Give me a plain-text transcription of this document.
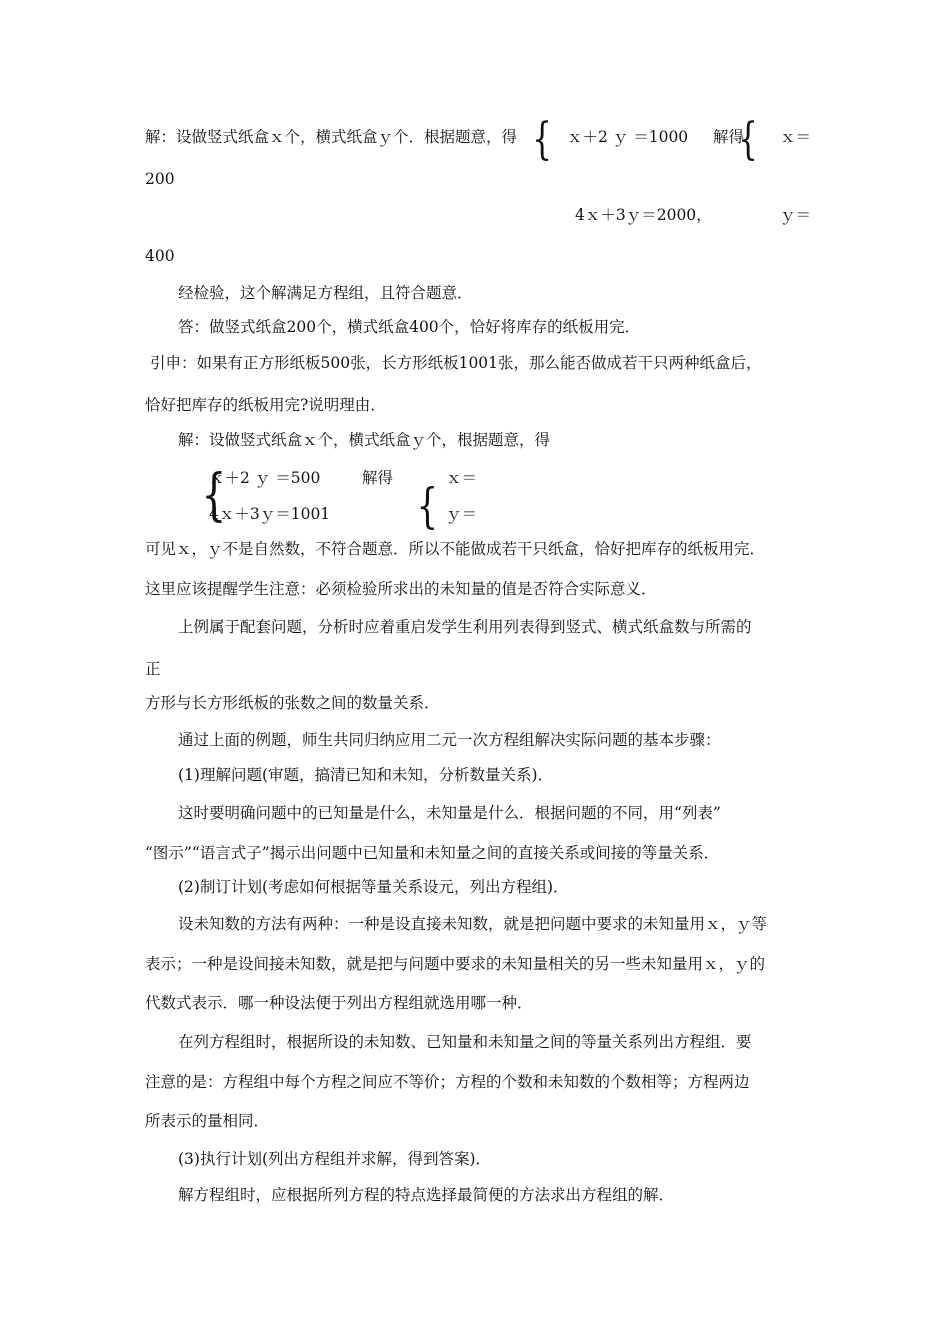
解：设做竖式纸盒ｘ个，横式纸盒ｙ个．根据题意，得 { ｘ＋2 ｙ ＝1000 解得
{ ｘ＝
200
4ｘ＋3ｙ＝2000，	ｙ＝
400
经检验，这个解满足方程组，且符合题意．
答：做竖式纸盒200个，横式纸盒400个，恰好将库存的纸板用完．
引申：如果有正方形纸板500张，长方形纸板1001张，那么能否做成若干只两种纸盒后，
恰好把库存的纸板用完?说明理由．
解：设做竖式纸盒ｘ个，横式纸盒ｙ个，根据题意，得
{
ｘ＋2 ｙ ＝500	解得	ｘ＝
4ｘ＋3ｙ＝1001 { ｙ＝
可见ｘ，ｙ不是自然数，不符合题意．所以不能做成若干只纸盒，恰好把库存的纸板用完．
这里应该提醒学生注意：必须检验所求出的未知量的值是否符合实际意义．
上例属于配套问题，分析时应着重启发学生利用列表得到竖式、横式纸盒数与所需的
正
方形与长方形纸板的张数之间的数量关系．
通过上面的例题，师生共同归纳应用二元一次方程组解决实际问题的基本步骤：
(1)理解问题(审题，搞清已知和未知，分析数量关系)．
这时要明确问题中的已知量是什么，未知量是什么．根据问题的不同，用“列表”
“图示”“语言式子”揭示出问题中已知量和未知量之间的直接关系或间接的等量关系．
(2)制订计划(考虑如何根据等量关系设元，列出方程组)．
设未知数的方法有两种：一种是设直接未知数，就是把问题中要求的未知量用ｘ，ｙ等
表示；一种是设间接未知数，就是把与问题中要求的未知量相关的另一些未知量用ｘ，ｙ的
代数式表示．哪一种设法便于列出方程组就选用哪一种．
在列方程组时，根据所设的未知数、已知量和未知量之间的等量关系列出方程组．要
注意的是：方程组中每个方程之间应不等价；方程的个数和未知数的个数相等；方程两边
所表示的量相同．
(3)执行计划(列出方程组并求解，得到答案)．
解方程组时，应根据所列方程的特点选择最简便的方法求出方程组的解．
